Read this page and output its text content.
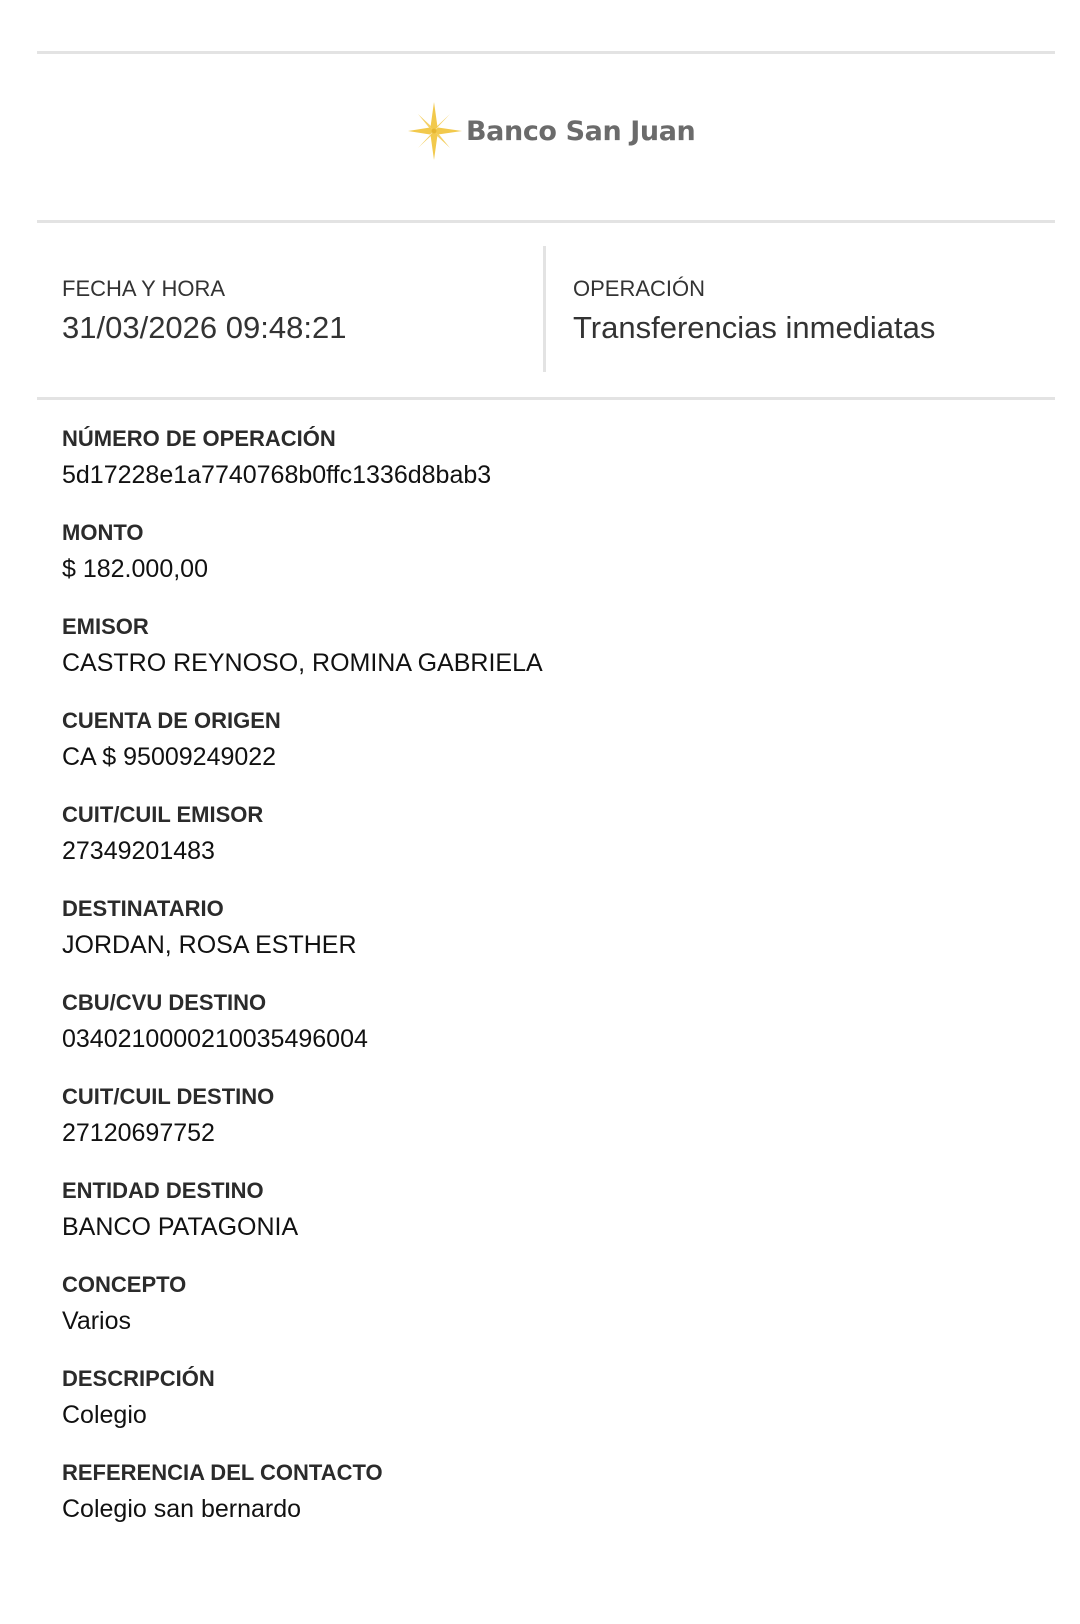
Banco San Juan
FECHA Y HORA
31/03/2026 09:48:21
OPERACIÓN
Transferencias inmediatas
NÚMERO DE OPERACIÓN
5d17228e1a7740768b0ffc1336d8bab3
MONTO
$ 182.000,00
EMISOR
CASTRO REYNOSO, ROMINA GABRIELA
CUENTA DE ORIGEN
CA $ 95009249022
CUIT/CUIL EMISOR
27349201483
DESTINATARIO
JORDAN, ROSA ESTHER
CBU/CVU DESTINO
0340210000210035496004
CUIT/CUIL DESTINO
27120697752
ENTIDAD DESTINO
BANCO PATAGONIA
CONCEPTO
Varios
DESCRIPCIÓN
Colegio
REFERENCIA DEL CONTACTO
Colegio san bernardo
